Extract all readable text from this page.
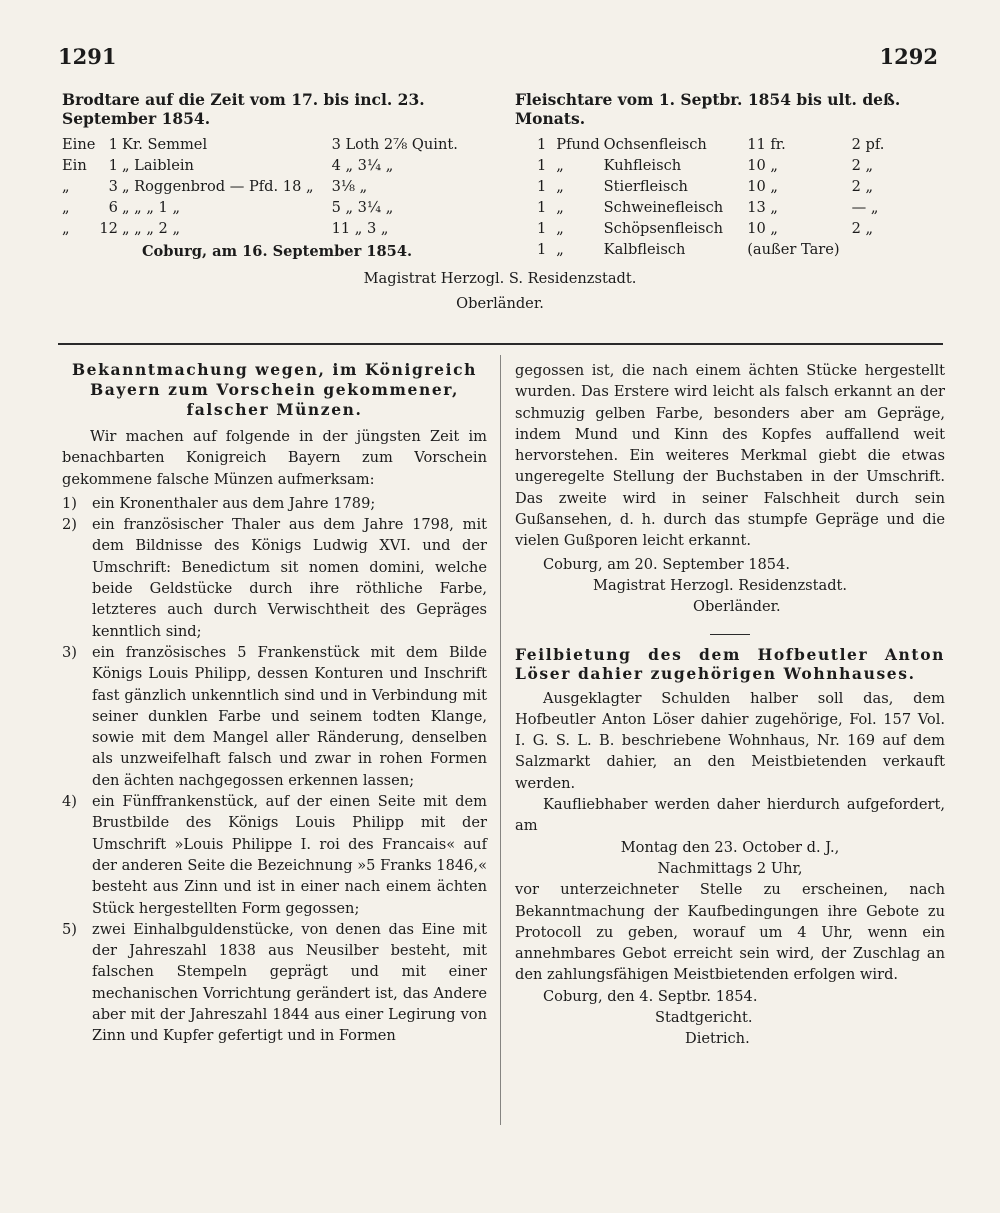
1291	1292
Brodtare auf die Zeit vom 17. bis incl. 23. September 1854.
Eine	1	Kr. Semmel	3 Loth 2⅞ Quint.
Ein	1	„ Laiblein	4 „ 3¼ „
„	3	„ Roggenbrod — Pfd. 18 „	3⅛ „
„	6	„ „ „ 1 „	5 „ 3¼ „
„	12	„ „ „ 2 „	11 „ 3 „
Coburg, am 16. September 1854.
Fleischtare vom 1. Septbr. 1854 bis ult. deß. Monats.
1	Pfund	Ochsenfleisch	11 fr.	2 pf.
1	„	Kuhfleisch	10 „	2 „
1	„	Stierfleisch	10 „	2 „
1	„	Schweinefleisch	13 „	— „
1	„	Schöpsenfleisch	10 „	2 „
1	„	Kalbfleisch	(außer Tare)	
Magistrat Herzogl. S. Residenzstadt.
Oberländer.
Bekanntmachung wegen, im Königreich Bayern zum Vorschein gekommener, falscher Münzen.

Wir machen auf folgende in der jüngsten Zeit im benachbarten Konigreich Bayern zum Vorschein gekommene falsche Münzen aufmerksam:

1)	ein Kronenthaler aus dem Jahre 1789;
2)	ein französischer Thaler aus dem Jahre 1798, mit dem Bildnisse des Königs Ludwig XVI. und der Umschrift: Benedictum sit nomen domini, welche beide Geldstücke durch ihre röthliche Farbe, letzteres auch durch Verwischtheit des Gepräges kenntlich sind;
3)	ein französisches 5 Frankenstück mit dem Bilde Königs Louis Philipp, dessen Konturen und Inschrift fast gänzlich unkenntlich sind und in Verbindung mit seiner dunklen Farbe und seinem todten Klange, sowie mit dem Mangel aller Ränderung, denselben als unzweifelhaft falsch und zwar in rohen Formen den ächten nachgegossen erkennen lassen;
4)	ein Fünffrankenstück, auf der einen Seite mit dem Brustbilde des Königs Louis Philipp mit der Umschrift »Louis Philippe I. roi des Francais« auf der anderen Seite die Bezeichnung »5 Franks 1846,« besteht aus Zinn und ist in einer nach einem ächten Stück hergestellten Form gegossen;
5)	zwei Einhalbguldenstücke, von denen das Eine mit der Jahreszahl 1838 aus Neusilber besteht, mit falschen Stempeln geprägt und mit einer mechanischen Vorrichtung gerändert ist, das Andere aber mit der Jahreszahl 1844 aus einer Legirung von Zinn und Kupfer gefertigt und in Formen

gegossen ist, die nach einem ächten Stücke hergestellt wurden. Das Erstere wird leicht als falsch erkannt an der schmuzig gelben Farbe, besonders aber am Gepräge, indem Mund und Kinn des Kopfes auffallend weit hervorstehen. Ein weiteres Merkmal giebt die etwas ungeregelte Stellung der Buchstaben in der Umschrift. Das zweite wird in seiner Falschheit durch sein Gußansehen, d. h. durch das stumpfe Gepräge und die vielen Gußporen leicht erkannt.

Coburg, am 20. September 1854.
Magistrat Herzogl. Residenzstadt.
Oberländer.
Feilbietung des dem Hofbeutler Anton Löser dahier zugehörigen Wohnhauses.

Ausgeklagter Schulden halber soll das, dem Hofbeutler Anton Löser dahier zugehörige, Fol. 157 Vol. I. G. S. L. B. beschriebene Wohnhaus, Nr. 169 auf dem Salzmarkt dahier, an den Meistbietenden verkauft werden.

Kaufliebhaber werden daher hierdurch aufgefordert, am

Montag den 23. October d. J.,
Nachmittags 2 Uhr,

vor unterzeichneter Stelle zu erscheinen, nach Bekanntmachung der Kaufbedingungen ihre Gebote zu Protocoll zu geben, worauf um 4 Uhr, wenn ein annehmbares Gebot erreicht sein wird, der Zuschlag an den zahlungsfähigen Meistbietenden erfolgen wird.

Coburg, den 4. Septbr. 1854.
Stadtgericht.
Dietrich.
